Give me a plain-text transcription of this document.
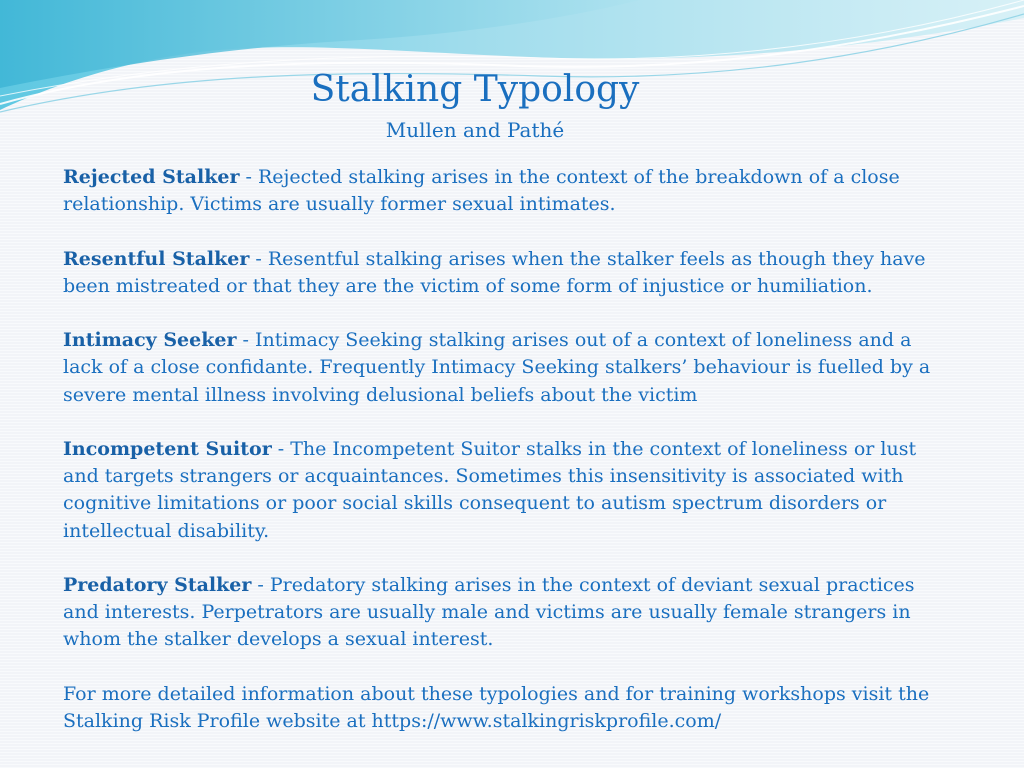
Stalking Typology
Mullen and Pathé

Rejected Stalker - Rejected stalking arises in the context of the breakdown of a close relationship. Victims are usually former sexual intimates.

Resentful Stalker - Resentful stalking arises when the stalker feels as though they have been mistreated or that they are the victim of some form of injustice or humiliation.

Intimacy Seeker - Intimacy Seeking stalking arises out of a context of loneliness and a lack of a close confidante. Frequently Intimacy Seeking stalkers’ behaviour is fuelled by a severe mental illness involving delusional beliefs about the victim

Incompetent Suitor - The Incompetent Suitor stalks in the context of loneliness or lust and targets strangers or acquaintances. Sometimes this insensitivity is associated with cognitive limitations or poor social skills consequent to autism spectrum disorders or intellectual disability.

Predatory Stalker - Predatory stalking arises in the context of deviant sexual practices and interests. Perpetrators are usually male and victims are usually female strangers in whom the stalker develops a sexual interest.

For more detailed information about these typologies and for training workshops visit the Stalking Risk Profile website at https://www.stalkingriskprofile.com/
